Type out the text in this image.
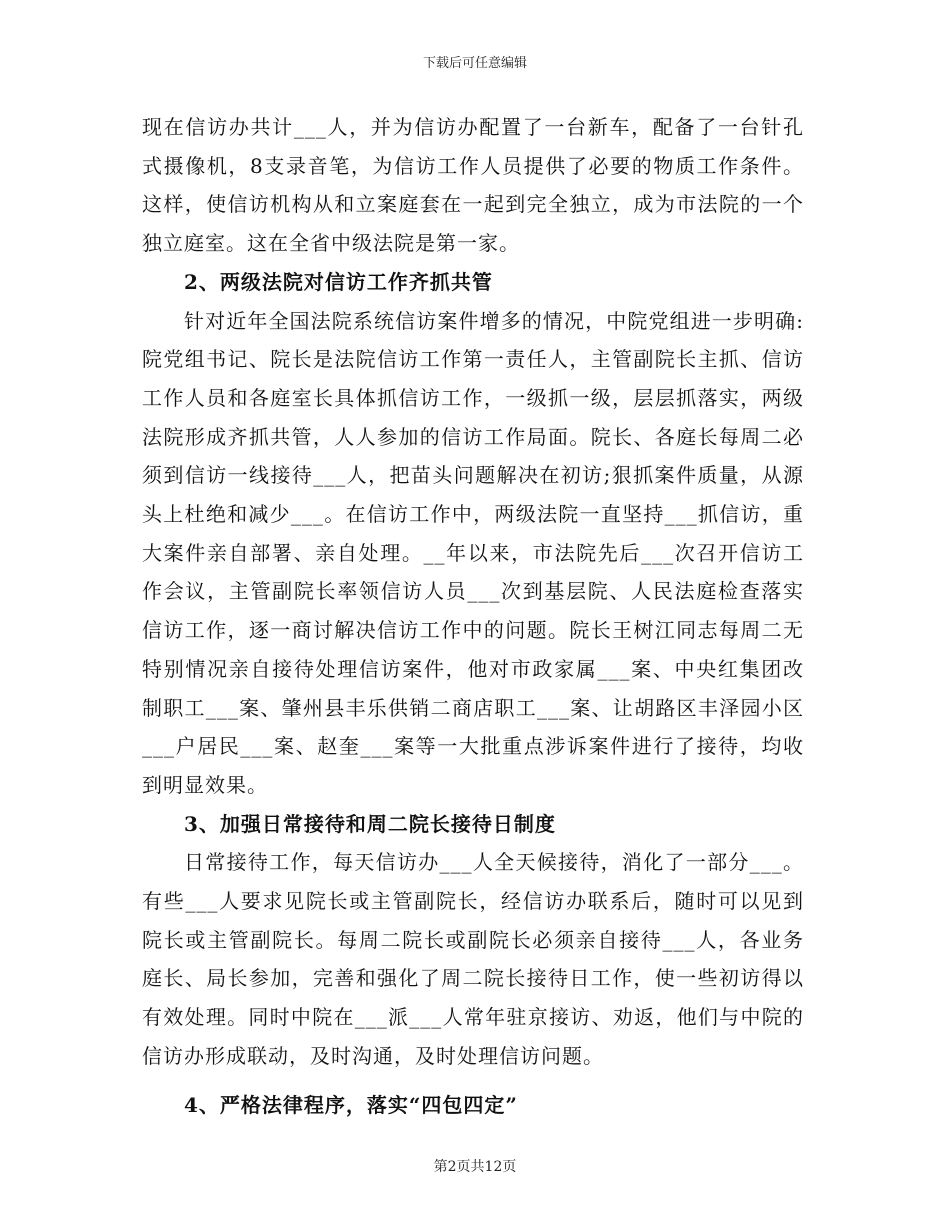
下载后可任意编辑

现在信访办共计___人，并为信访办配置了一台新车，配备了一台针孔式摄像机，8支录音笔，为信访工作人员提供了必要的物质工作条件。这样，使信访机构从和立案庭套在一起到完全独立，成为市法院的一个独立庭室。这在全省中级法院是第一家。

2、两级法院对信访工作齐抓共管

针对近年全国法院系统信访案件增多的情况，中院党组进一步明确:院党组书记、院长是法院信访工作第一责任人，主管副院长主抓、信访工作人员和各庭室长具体抓信访工作，一级抓一级，层层抓落实，两级法院形成齐抓共管，人人参加的信访工作局面。院长、各庭长每周二必须到信访一线接待___人，把苗头问题解决在初访;狠抓案件质量，从源头上杜绝和减少___。在信访工作中，两级法院一直坚持___抓信访，重大案件亲自部署、亲自处理。__年以来，市法院先后___次召开信访工作会议，主管副院长率领信访人员___次到基层院、人民法庭检查落实信访工作，逐一商讨解决信访工作中的问题。院长王树江同志每周二无特别情况亲自接待处理信访案件，他对市政家属___案、中央红集团改制职工___案、肇州县丰乐供销二商店职工___案、让胡路区丰泽园小区___户居民___案、赵奎___案等一大批重点涉诉案件进行了接待，均收到明显效果。

3、加强日常接待和周二院长接待日制度

日常接待工作，每天信访办___人全天候接待，消化了一部分___。有些___人要求见院长或主管副院长，经信访办联系后，随时可以见到院长或主管副院长。每周二院长或副院长必须亲自接待___人，各业务庭长、局长参加，完善和强化了周二院长接待日工作，使一些初访得以有效处理。同时中院在___派___人常年驻京接访、劝返，他们与中院的信访办形成联动，及时沟通，及时处理信访问题。

4、严格法律程序，落实“四包四定”

第2页共12页
